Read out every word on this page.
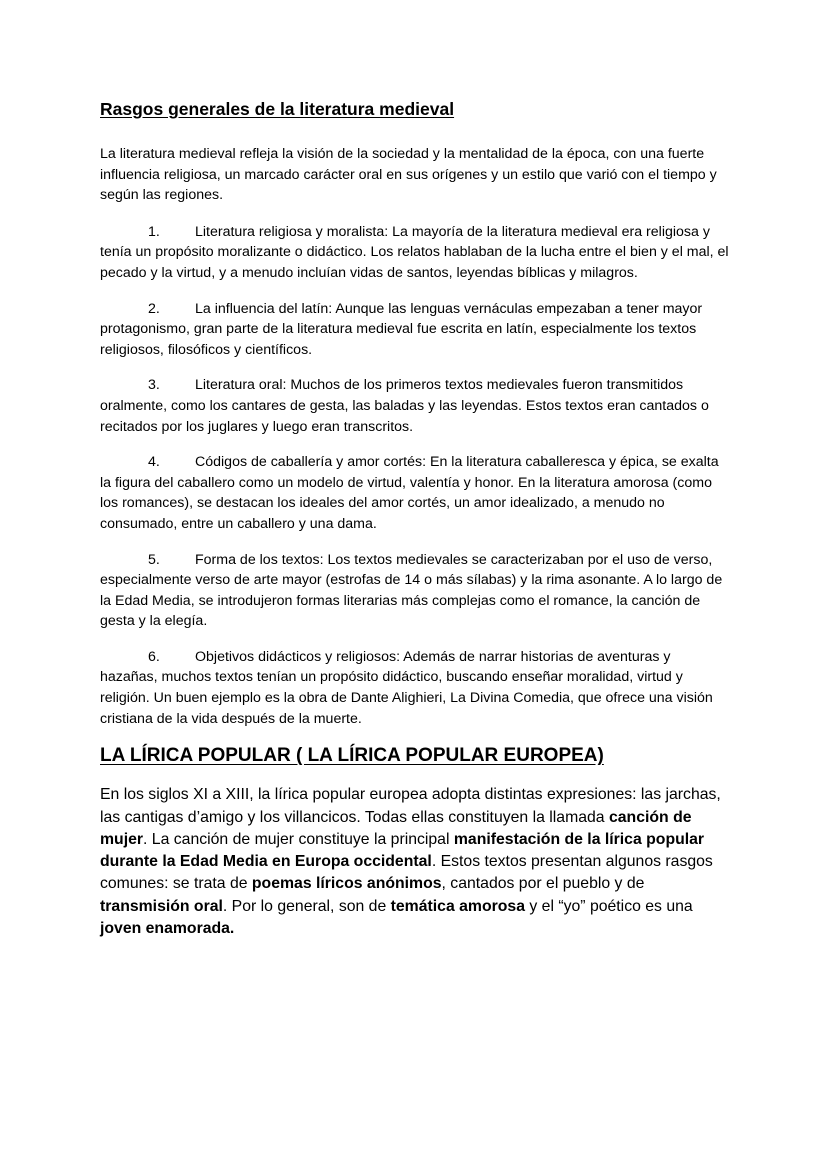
Rasgos generales de la literatura medieval

La literatura medieval refleja la visión de la sociedad y la mentalidad de la época, con una fuerte influencia religiosa, un marcado carácter oral en sus orígenes y un estilo que varió con el tiempo y según las regiones.

1. Literatura religiosa y moralista: La mayoría de la literatura medieval era religiosa y tenía un propósito moralizante o didáctico. Los relatos hablaban de la lucha entre el bien y el mal, el pecado y la virtud, y a menudo incluían vidas de santos, leyendas bíblicas y milagros.
2. La influencia del latín: Aunque las lenguas vernáculas empezaban a tener mayor protagonismo, gran parte de la literatura medieval fue escrita en latín, especialmente los textos religiosos, filosóficos y científicos.
3. Literatura oral: Muchos de los primeros textos medievales fueron transmitidos oralmente, como los cantares de gesta, las baladas y las leyendas. Estos textos eran cantados o recitados por los juglares y luego eran transcritos.
4. Códigos de caballería y amor cortés: En la literatura caballeresca y épica, se exalta la figura del caballero como un modelo de virtud, valentía y honor. En la literatura amorosa (como los romances), se destacan los ideales del amor cortés, un amor idealizado, a menudo no consumado, entre un caballero y una dama.
5. Forma de los textos: Los textos medievales se caracterizaban por el uso de verso, especialmente verso de arte mayor (estrofas de 14 o más sílabas) y la rima asonante. A lo largo de la Edad Media, se introdujeron formas literarias más complejas como el romance, la canción de gesta y la elegía.
6. Objetivos didácticos y religiosos: Además de narrar historias de aventuras y hazañas, muchos textos tenían un propósito didáctico, buscando enseñar moralidad, virtud y religión. Un buen ejemplo es la obra de Dante Alighieri, La Divina Comedia, que ofrece una visión cristiana de la vida después de la muerte.
LA LÍRICA POPULAR ( LA LÍRICA POPULAR EUROPEA)

En los siglos XI a XIII, la lírica popular europea adopta distintas expresiones: las jarchas, las cantigas d’amigo y los villancicos. Todas ellas constituyen la llamada canción de mujer. La canción de mujer constituye la principal manifestación de la lírica popular durante la Edad Media en Europa occidental. Estos textos presentan algunos rasgos comunes: se trata de poemas líricos anónimos, cantados por el pueblo y de transmisión oral. Por lo general, son de temática amorosa y el “yo” poético es una joven enamorada.
